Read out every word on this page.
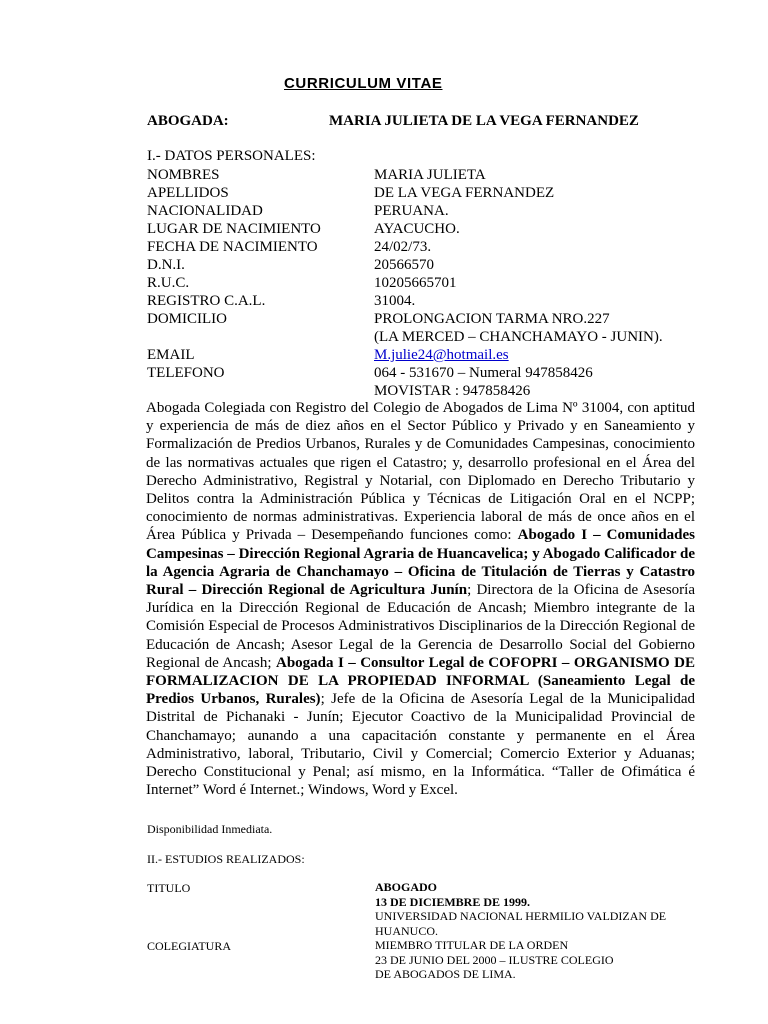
CURRICULUM VITAE
ABOGADA:	MARIA JULIETA DE LA VEGA FERNANDEZ
I.- DATOS PERSONALES:
NOMBRES	MARIA JULIETA
APELLIDOS	DE LA VEGA FERNANDEZ
NACIONALIDAD	PERUANA.
LUGAR DE NACIMIENTO	AYACUCHO.
FECHA DE NACIMIENTO	24/02/73.
D.N.I.	20566570
R.U.C.	10205665701
REGISTRO C.A.L.	31004.
DOMICILIO	PROLONGACION TARMA NRO.227
(LA MERCED – CHANCHAMAYO - JUNIN).
EMAIL	M.julie24@hotmail.es
TELEFONO	064 - 531670 – Numeral 947858426
MOVISTAR : 947858426

Abogada Colegiada con Registro del Colegio de Abogados de Lima Nº 31004, con aptitud y experiencia de más de diez años en el Sector Público y Privado y en Saneamiento y Formalización de Predios Urbanos, Rurales y de Comunidades Campesinas, conocimiento de las normativas actuales que rigen el Catastro; y, desarrollo profesional en el Área del Derecho Administrativo, Registral y Notarial, con Diplomado en Derecho Tributario y Delitos contra la Administración Pública y Técnicas de Litigación Oral en el NCPP; conocimiento de normas administrativas. Experiencia laboral de más de once años en el Área Pública y Privada – Desempeñando funciones como: Abogado I – Comunidades Campesinas – Dirección Regional Agraria de Huancavelica; y Abogado Calificador de la Agencia Agraria de Chanchamayo – Oficina de Titulación de Tierras y Catastro Rural – Dirección Regional de Agricultura Junín; Directora de la Oficina de Asesoría Jurídica en la Dirección Regional de Educación de Ancash; Miembro integrante de la Comisión Especial de Procesos Administrativos Disciplinarios de la Dirección Regional de Educación de Ancash; Asesor Legal de la Gerencia de Desarrollo Social del Gobierno Regional de Ancash; Abogada I – Consultor Legal de COFOPRI – ORGANISMO DE FORMALIZACION DE LA PROPIEDAD INFORMAL (Saneamiento Legal de Predios Urbanos, Rurales); Jefe de la Oficina de Asesoría Legal de la Municipalidad Distrital de Pichanaki - Junín; Ejecutor Coactivo de la Municipalidad Provincial de Chanchamayo; aunando a una capacitación constante y permanente en el Área Administrativo, laboral, Tributario, Civil y Comercial; Comercio Exterior y Aduanas; Derecho Constitucional y Penal; así mismo, en la Informática. “Taller de Ofimática é Internet” Word é Internet.; Windows, Word y Excel.

Disponibilidad Inmediata.
II.- ESTUDIOS REALIZADOS:
TITULO	ABOGADO
13 DE DICIEMBRE DE 1999.
UNIVERSIDAD NACIONAL HERMILIO VALDIZAN DE HUANUCO.
COLEGIATURA	MIEMBRO TITULAR DE LA ORDEN
23 DE JUNIO DEL 2000 – ILUSTRE COLEGIO
DE ABOGADOS DE LIMA.
